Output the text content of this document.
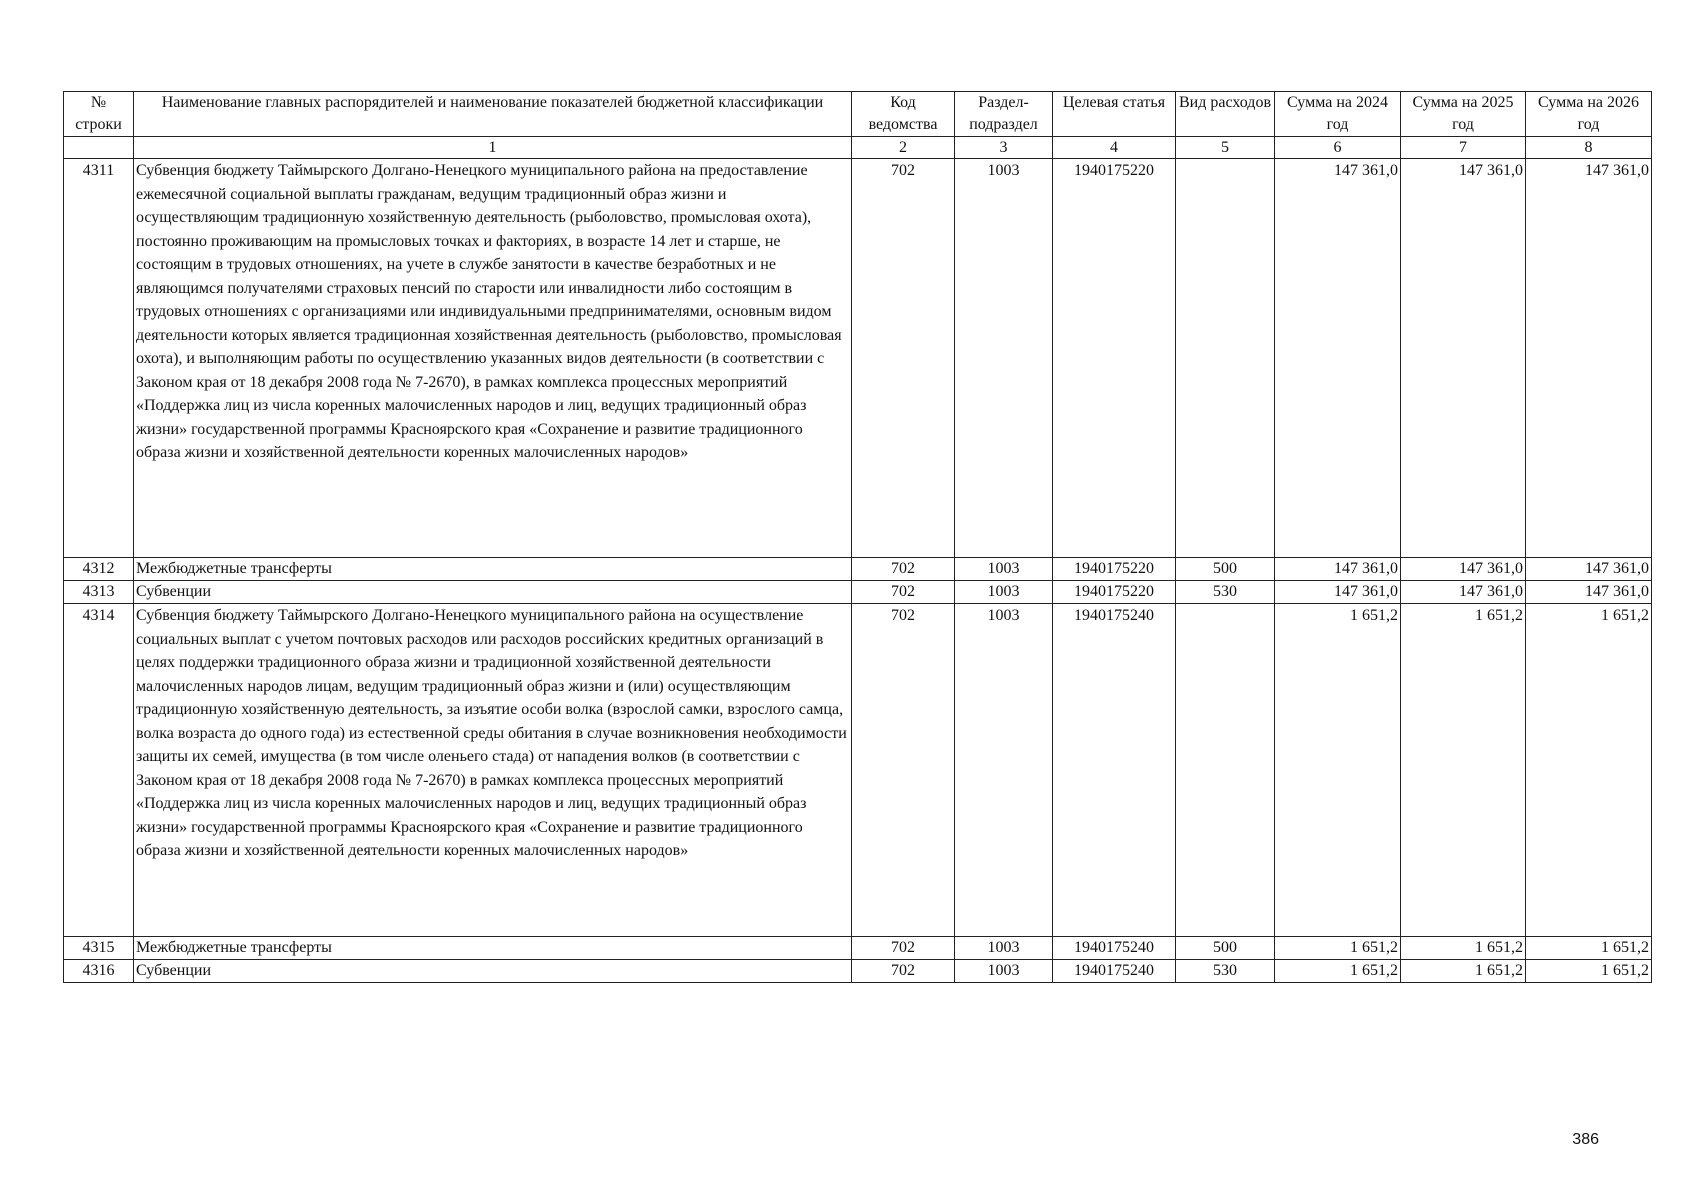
№ строки	Наименование главных распорядителей и наименование показателей бюджетной классификации	Код ведомства	Раздел-подраздел	Целевая статья	Вид расходов	Сумма на 2024 год	Сумма на 2025 год	Сумма на 2026 год
	1	2	3	4	5	6	7	8
4311	Субвенция бюджету Таймырского Долгано-Ненецкого муниципального района на предоставление ежемесячной социальной выплаты гражданам, ведущим традиционный образ жизни и осуществляющим традиционную хозяйственную деятельность (рыболовство, промысловая охота), постоянно проживающим на промысловых точках и факториях, в возрасте 14 лет и старше, не состоящим в трудовых отношениях, на учете в службе занятости в качестве безработных и не являющимся получателями страховых пенсий по старости или инвалидности либо состоящим в трудовых отношениях с организациями или индивидуальными предпринимателями, основным видом деятельности которых является традиционная хозяйственная деятельность (рыболовство, промысловая охота), и выполняющим работы по осуществлению указанных видов деятельности (в соответствии с Законом края от 18 декабря 2008 года № 7-2670), в рамках комплекса процессных мероприятий «Поддержка лиц из числа коренных малочисленных народов и лиц, ведущих традиционный образ жизни» государственной программы Красноярского края «Сохранение и развитие традиционного образа жизни и хозяйственной деятельности коренных малочисленных народов»	702	1003	1940175220		147 361,0	147 361,0	147 361,0
4312	Межбюджетные трансферты	702	1003	1940175220	500	147 361,0	147 361,0	147 361,0
4313	Субвенции	702	1003	1940175220	530	147 361,0	147 361,0	147 361,0
4314	Субвенция бюджету Таймырского Долгано-Ненецкого муниципального района на осуществление социальных выплат с учетом почтовых расходов или расходов российских кредитных организаций в целях поддержки традиционного образа жизни и традиционной хозяйственной деятельности малочисленных народов лицам, ведущим традиционный образ жизни и (или) осуществляющим традиционную хозяйственную деятельность, за изъятие особи волка (взрослой самки, взрослого самца, волка возраста до одного года) из естественной среды обитания в случае возникновения необходимости защиты их семей, имущества (в том числе оленьего стада) от нападения волков (в соответствии с Законом края от 18 декабря 2008 года № 7-2670) в рамках комплекса процессных мероприятий «Поддержка лиц из числа коренных малочисленных народов и лиц, ведущих традиционный образ жизни» государственной программы Красноярского края «Сохранение и развитие традиционного образа жизни и хозяйственной деятельности коренных малочисленных народов»	702	1003	1940175240		1 651,2	1 651,2	1 651,2
4315	Межбюджетные трансферты	702	1003	1940175240	500	1 651,2	1 651,2	1 651,2
4316	Субвенции	702	1003	1940175240	530	1 651,2	1 651,2	1 651,2
386
